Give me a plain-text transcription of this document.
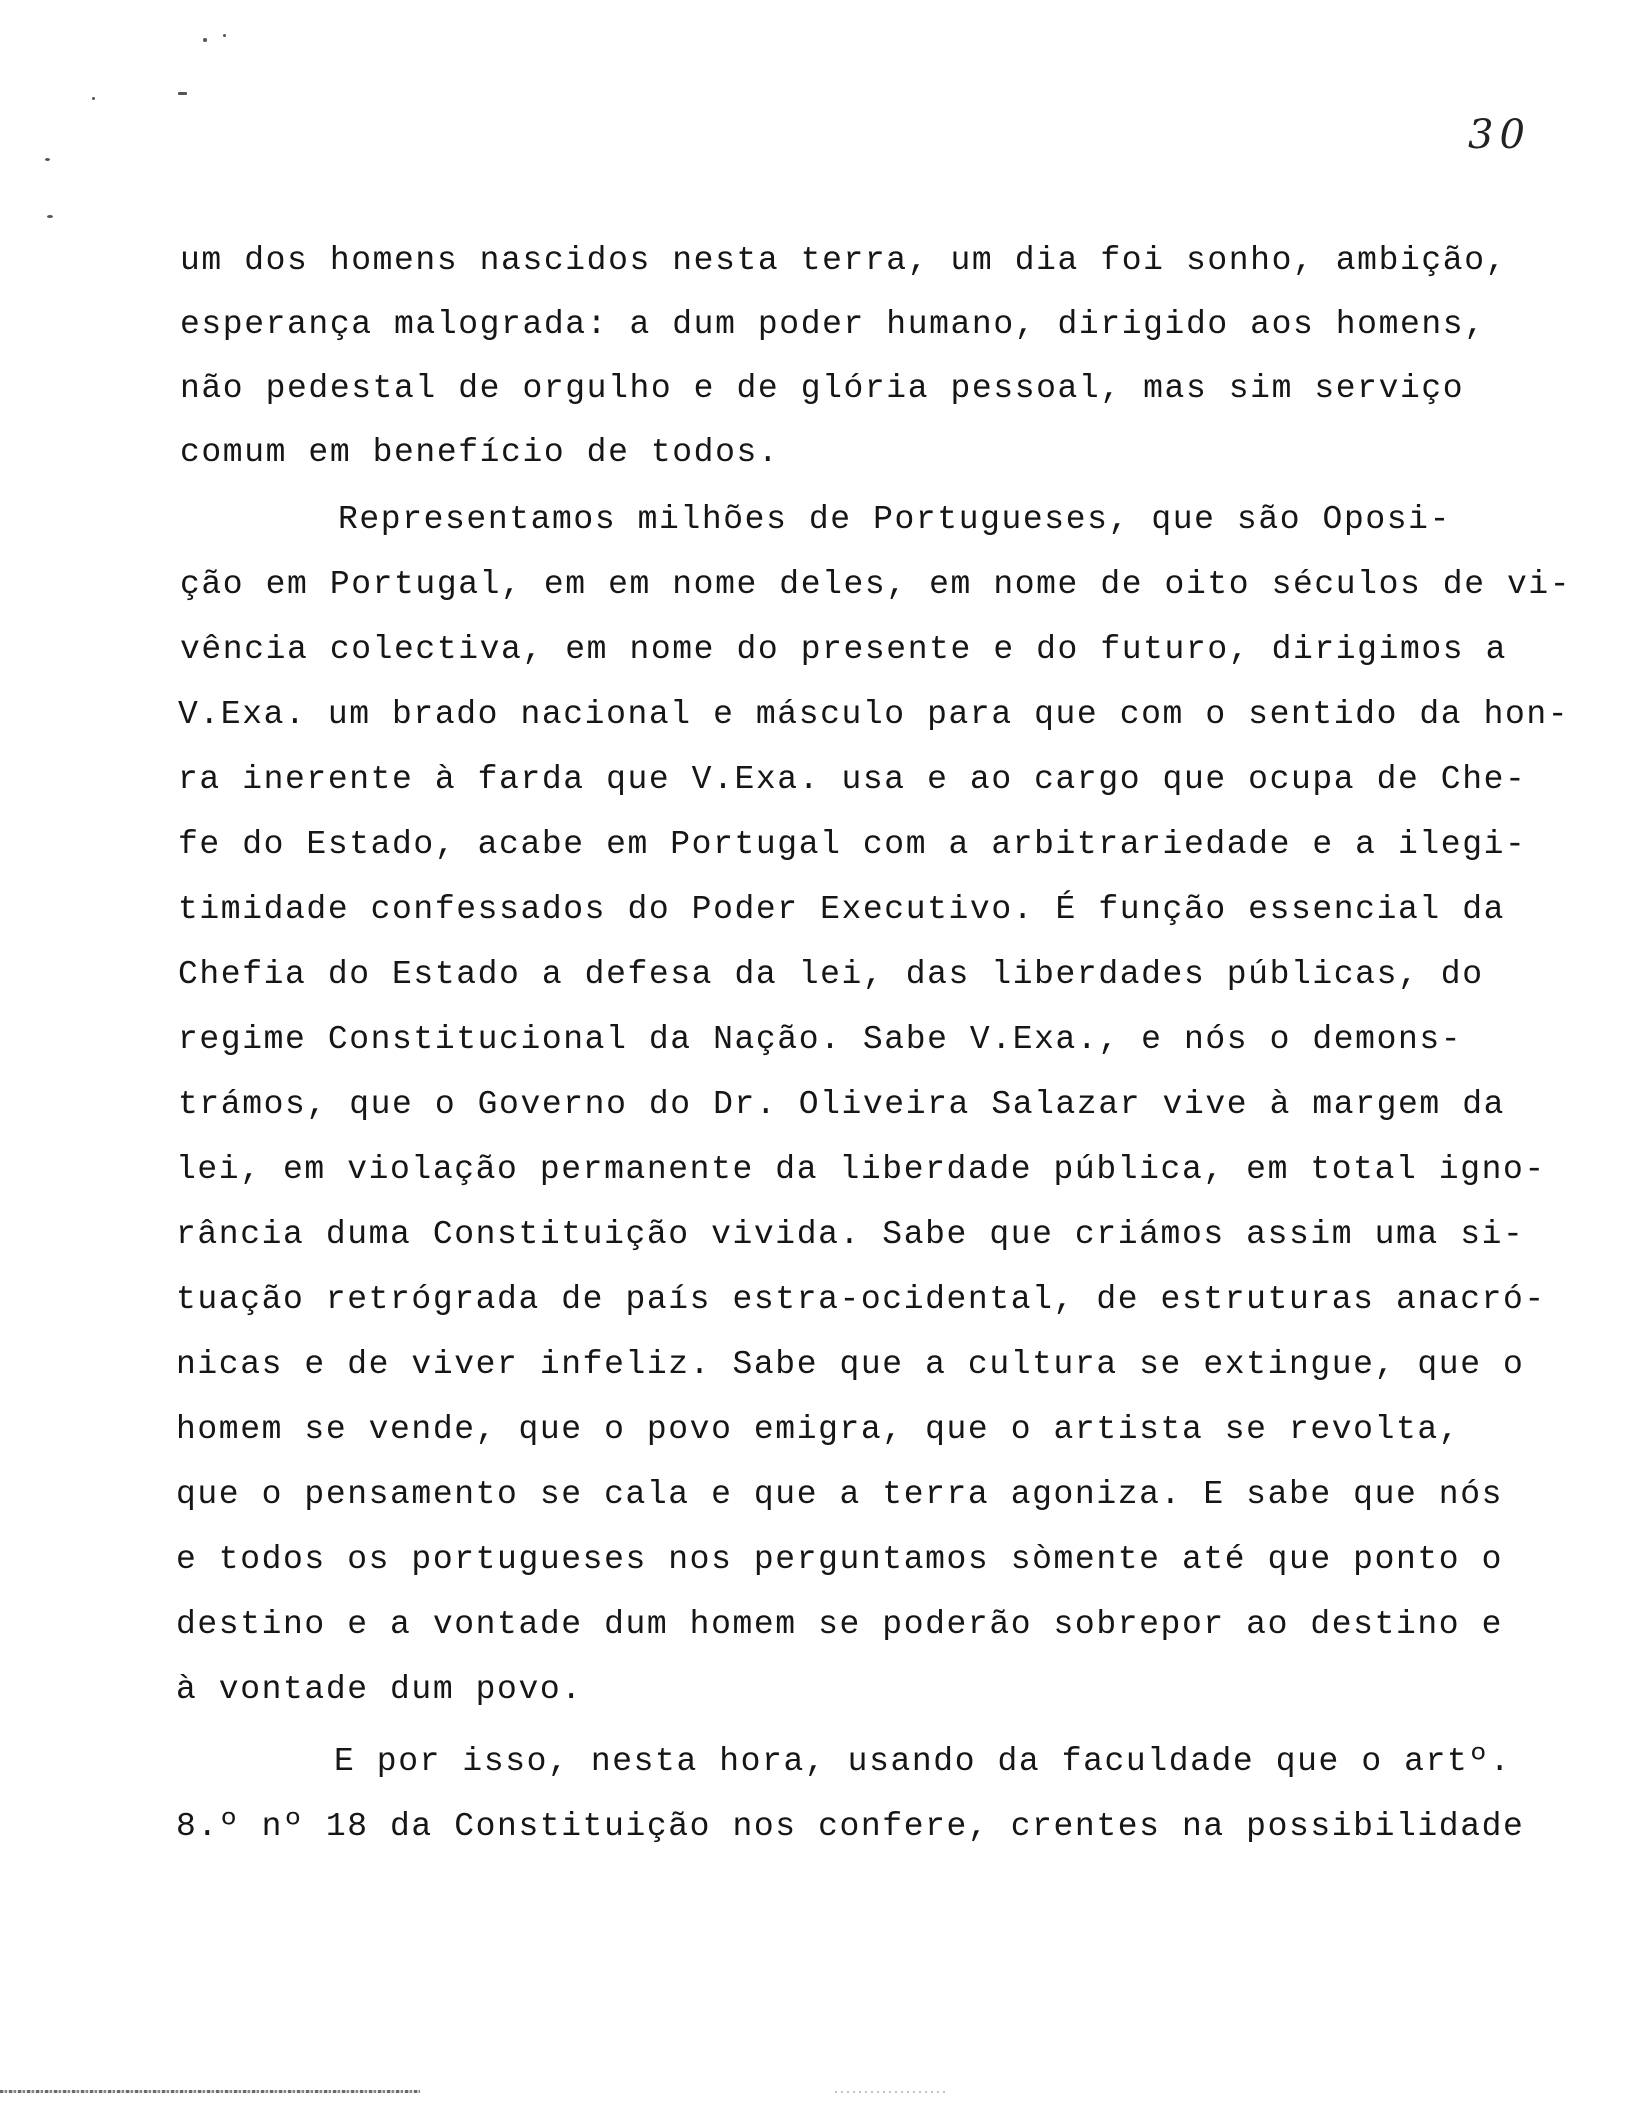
30
um dos homens nascidos nesta terra, um dia foi sonho, ambição,
esperança malograda: a dum poder humano, dirigido aos homens,
não pedestal de orgulho e de glória pessoal, mas sim serviço
comum em benefício de todos.
Representamos milhões de Portugueses, que são Oposi-
ção em Portugal, em em nome deles, em nome de oito séculos de vi-
vência colectiva, em nome do presente e do futuro, dirigimos a
V.Exa. um brado nacional e másculo para que com o sentido da hon-
ra inerente à farda que V.Exa. usa e ao cargo que ocupa de Che-
fe do Estado, acabe em Portugal com a arbitrariedade e a ilegi-
timidade confessados do Poder Executivo. É função essencial da
Chefia do Estado a defesa da lei, das liberdades públicas, do
regime Constitucional da Nação. Sabe V.Exa., e nós o demons-
trámos, que o Governo do Dr. Oliveira Salazar vive à margem da
lei, em violação permanente da liberdade pública, em total igno-
rância duma Constituição vivida. Sabe que criámos assim uma si-
tuação retrógrada de país estra-ocidental, de estruturas anacró-
nicas e de viver infeliz. Sabe que a cultura se extingue, que o
homem se vende, que o povo emigra, que o artista se revolta,
que o pensamento se cala e que a terra agoniza. E sabe que nós
e todos os portugueses nos perguntamos sòmente até que ponto o
destino e a vontade dum homem se poderão sobrepor ao destino e
à vontade dum povo.
E por isso, nesta hora, usando da faculdade que o artº.
8.º nº 18 da Constituição nos confere, crentes na possibilidade
